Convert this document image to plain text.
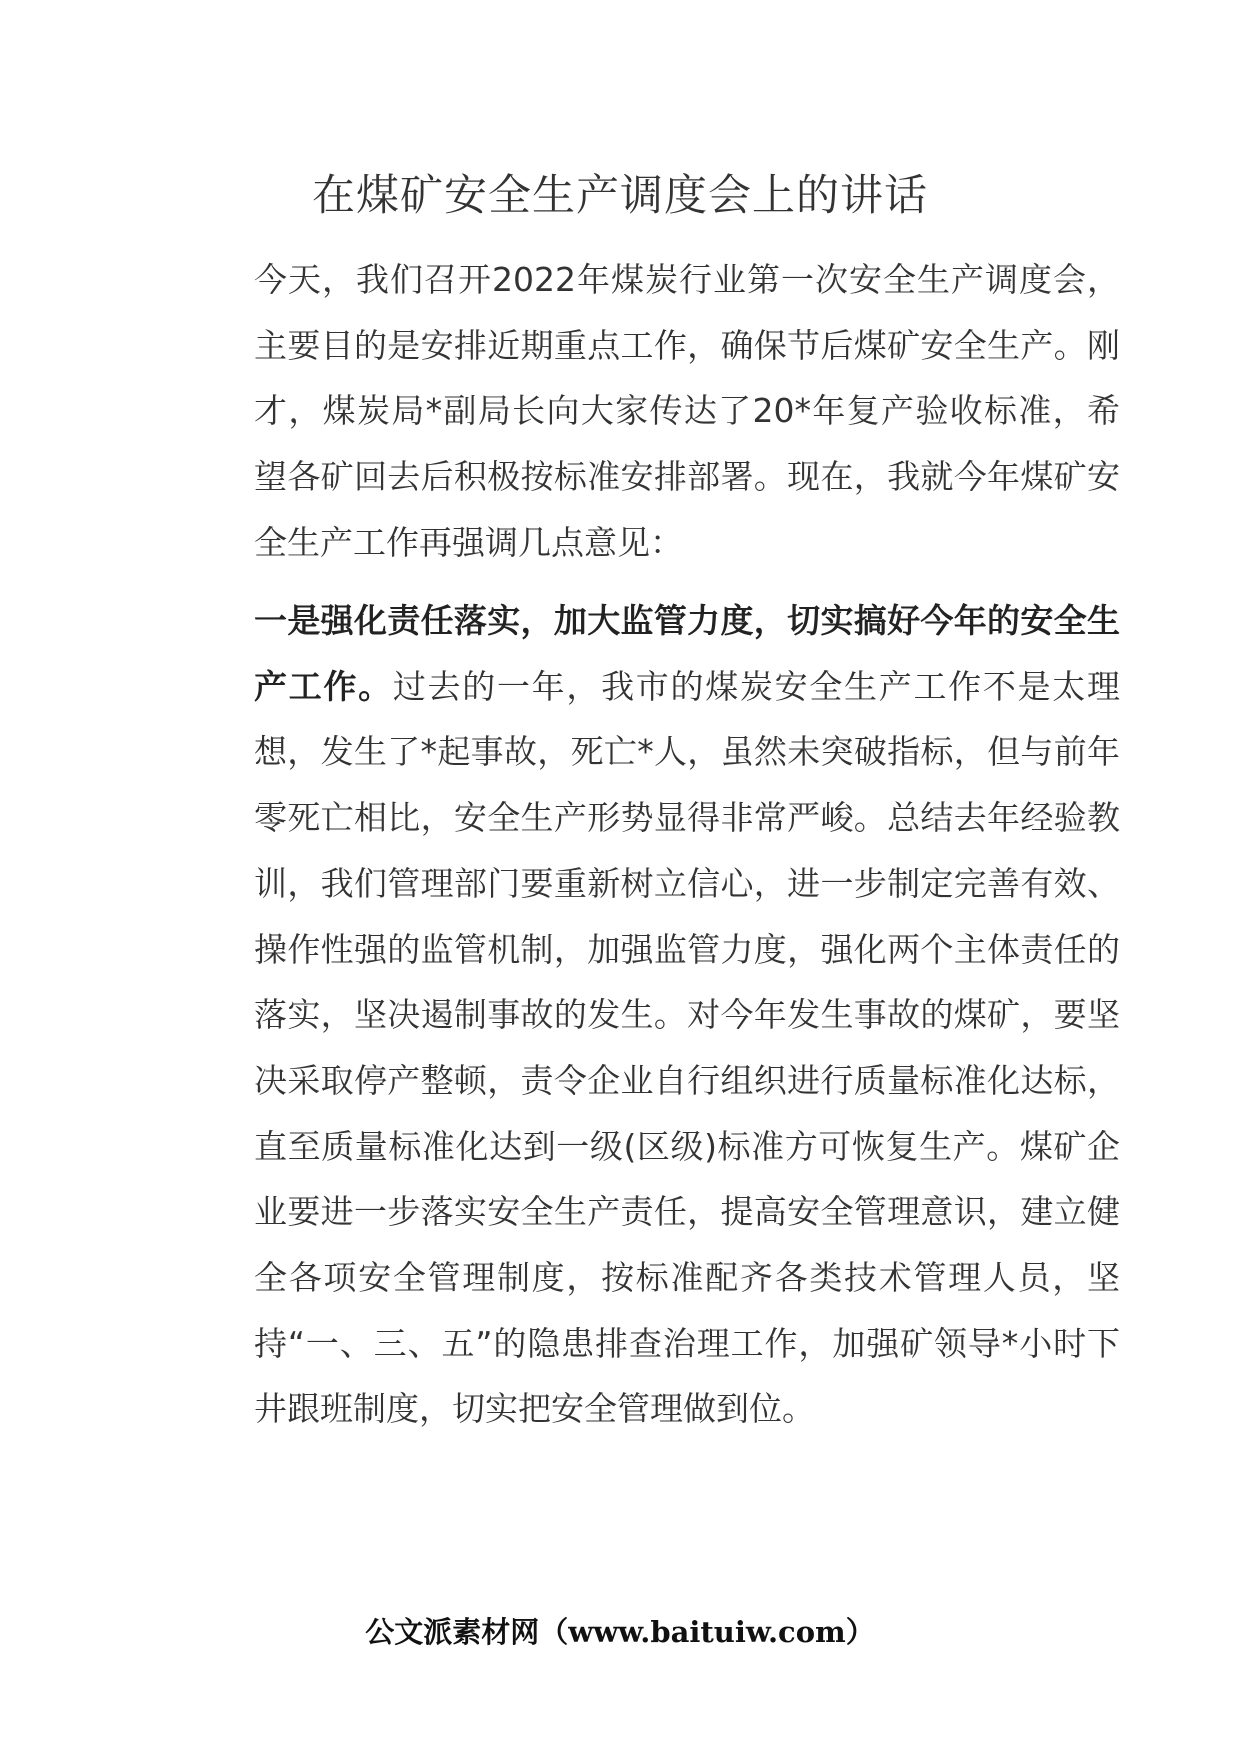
在煤矿安全生产调度会上的讲话
今天，我们召开2022年煤炭行业第一次安全生产调度会，主要目的是安排近期重点工作，确保节后煤矿安全生产。刚才，煤炭局*副局长向大家传达了20*年复产验收标准，希望各矿回去后积极按标准安排部署。现在，我就今年煤矿安全生产工作再强调几点意见：
一是强化责任落实，加大监管力度，切实搞好今年的安全生产工作。过去的一年，我市的煤炭安全生产工作不是太理想，发生了*起事故，死亡*人，虽然未突破指标，但与前年零死亡相比，安全生产形势显得非常严峻。总结去年经验教训，我们管理部门要重新树立信心，进一步制定完善有效、操作性强的监管机制，加强监管力度，强化两个主体责任的落实，坚决遏制事故的发生。对今年发生事故的煤矿，要坚决采取停产整顿，责令企业自行组织进行质量标准化达标，直至质量标准化达到一级(区级)标准方可恢复生产。煤矿企业要进一步落实安全生产责任，提高安全管理意识，建立健全各项安全管理制度，按标准配齐各类技术管理人员，坚持“一、三、五”的隐患排查治理工作，加强矿领导*小时下井跟班制度，切实把安全管理做到位。
公文派素材网（www.baituiw.com）
